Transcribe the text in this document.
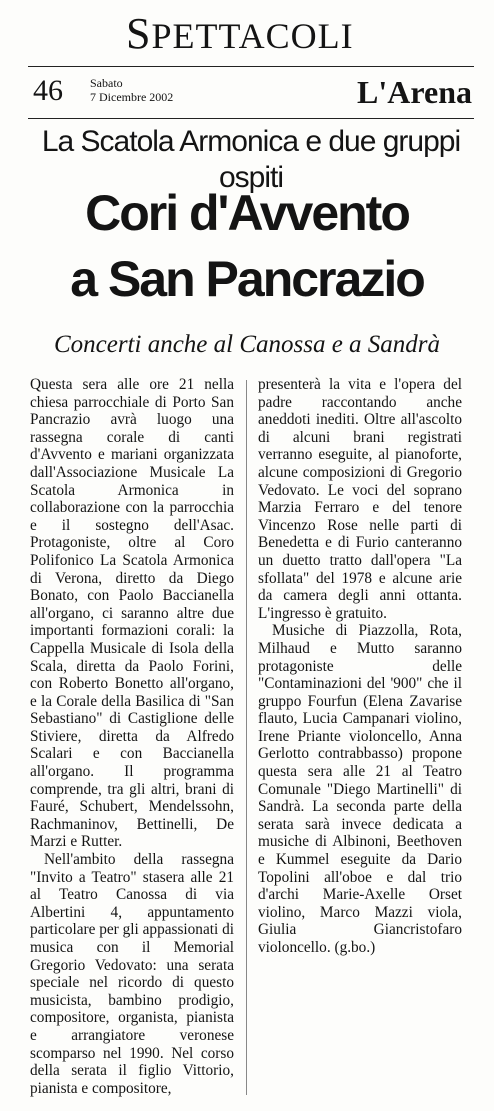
SPETTACOLI
46 Sabato
7 Dicembre 2002	L'Arena
La Scatola Armonica e due gruppi ospiti
Cori d'Avvento
a San Pancrazio
Concerti anche al Canossa e a Sandrà

Questa sera alle ore 21 nella chiesa parrocchiale di Porto San Pancrazio avrà luogo una rassegna corale di canti d'Avvento e mariani organizzata dall'Associazione Musicale La Scatola Armonica in collaborazione con la parrocchia e il sostegno dell'Asac. Protagoniste, oltre al Coro Polifonico La Scatola Armonica di Verona, diretto da Diego Bonato, con Paolo Baccianella all'organo, ci saranno altre due importanti formazioni corali: la Cappella Musicale di Isola della Scala, diretta da Paolo Forini, con Roberto Bonetto all'organo, e la Corale della Basilica di "San Sebastiano" di Castiglione delle Stiviere, diretta da Alfredo Scalari e con Baccianella all'organo. Il programma comprende, tra gli altri, brani di Fauré, Schubert, Mendelssohn, Rachmaninov, Bettinelli, De Marzi e Rutter.

Nell'ambito della rassegna "Invito a Teatro" stasera alle 21 al Teatro Canossa di via Albertini 4, appuntamento particolare per gli appassionati di musica con il Memorial Gregorio Vedovato: una serata speciale nel ricordo di questo musicista, bambino prodigio, compositore, organista, pianista e arrangiatore veronese scomparso nel 1990. Nel corso della serata il figlio Vittorio, pianista e compositore,

presenterà la vita e l'opera del padre raccontando anche aneddoti inediti. Oltre all'ascolto di alcuni brani registrati verranno eseguite, al pianoforte, alcune composizioni di Gregorio Vedovato. Le voci del soprano Marzia Ferraro e del tenore Vincenzo Rose nelle parti di Benedetta e di Furio canteranno un duetto tratto dall'opera "La sfollata" del 1978 e alcune arie da camera degli anni ottanta. L'ingresso è gratuito.

Musiche di Piazzolla, Rota, Milhaud e Mutto saranno protagoniste delle "Contaminazioni del '900" che il gruppo Fourfun (Elena Zavarise flauto, Lucia Campanari violino, Irene Priante violoncello, Anna Gerlotto contrabbasso) propone questa sera alle 21 al Teatro Comunale "Diego Martinelli" di Sandrà. La seconda parte della serata sarà invece dedicata a musiche di Albinoni, Beethoven e Kummel eseguite da Dario Topolini all'oboe e dal trio d'archi Marie-Axelle Orset violino, Marco Mazzi viola, Giulia Giancristofaro violoncello. (g.bo.)
